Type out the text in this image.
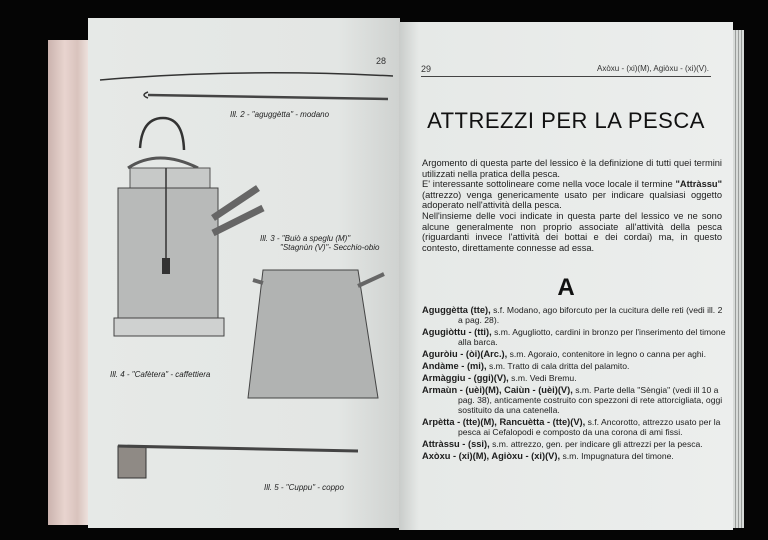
28
Ill. 2 - "aguggètta" - modano
Ill. 3 - "Buiò a speglu (M)"
"Stagnùn (V)"- Secchio-obio
Ill. 4 - "Cafètera" - caffettiera
Ill. 5 - "Cuppu" - coppo
29	Axòxu - (xi)(M), Agiòxu - (xi)(V).
ATTREZZI PER LA PESCA

Argomento di questa parte del lessico è la definizione di tutti quei termini utilizzati nella pratica della pesca.

E' interessante sottolineare come nella voce locale il termine "Attràssu" (attrezzo) venga genericamente usato per indicare qualsiasi oggetto adoperato nell'attività della pesca.

Nell'insieme delle voci indicate in questa parte del lessico ve ne sono alcune generalmente non proprio associate all'attività della pesca (riguardanti invece l'attività dei bottai e dei cordai) ma, in questo contesto, direttamente connesse ad essa.

A

Aguggètta (tte), s.f. Modano, ago biforcuto per la cucitura delle reti (vedi ill. 2 a pag. 28).

Agugiòttu - (tti), s.m. Agugliotto, cardini in bronzo per l'inserimento del timone alla barca.

Aguròiu - (òi)(Arc.), s.m. Agoraio, contenitore in legno o canna per aghi.

Andàme - (mi), s.m. Tratto di cala dritta del palamito.

Armàggiu - (ggi)(V), s.m. Vedi Bremu.

Armaùn - (uèi)(M), Caiùn - (uèi)(V), s.m. Parte della "Sèngia" (vedi ill 10 a pag. 38), anticamente costruito con spezzoni di rete attorcigliata, oggi sostituito da una catenella.

Arpètta - (tte)(M), Rancuètta - (tte)(V), s.f. Ancorotto, attrezzo usato per la pesca ai Cefalopodi e composto da una corona di ami fissi.

Attràssu - (ssi), s.m. attrezzo, gen. per indicare gli attrezzi per la pesca.

Axòxu - (xi)(M), Agiòxu - (xi)(V), s.m. Impugnatura del timone.
